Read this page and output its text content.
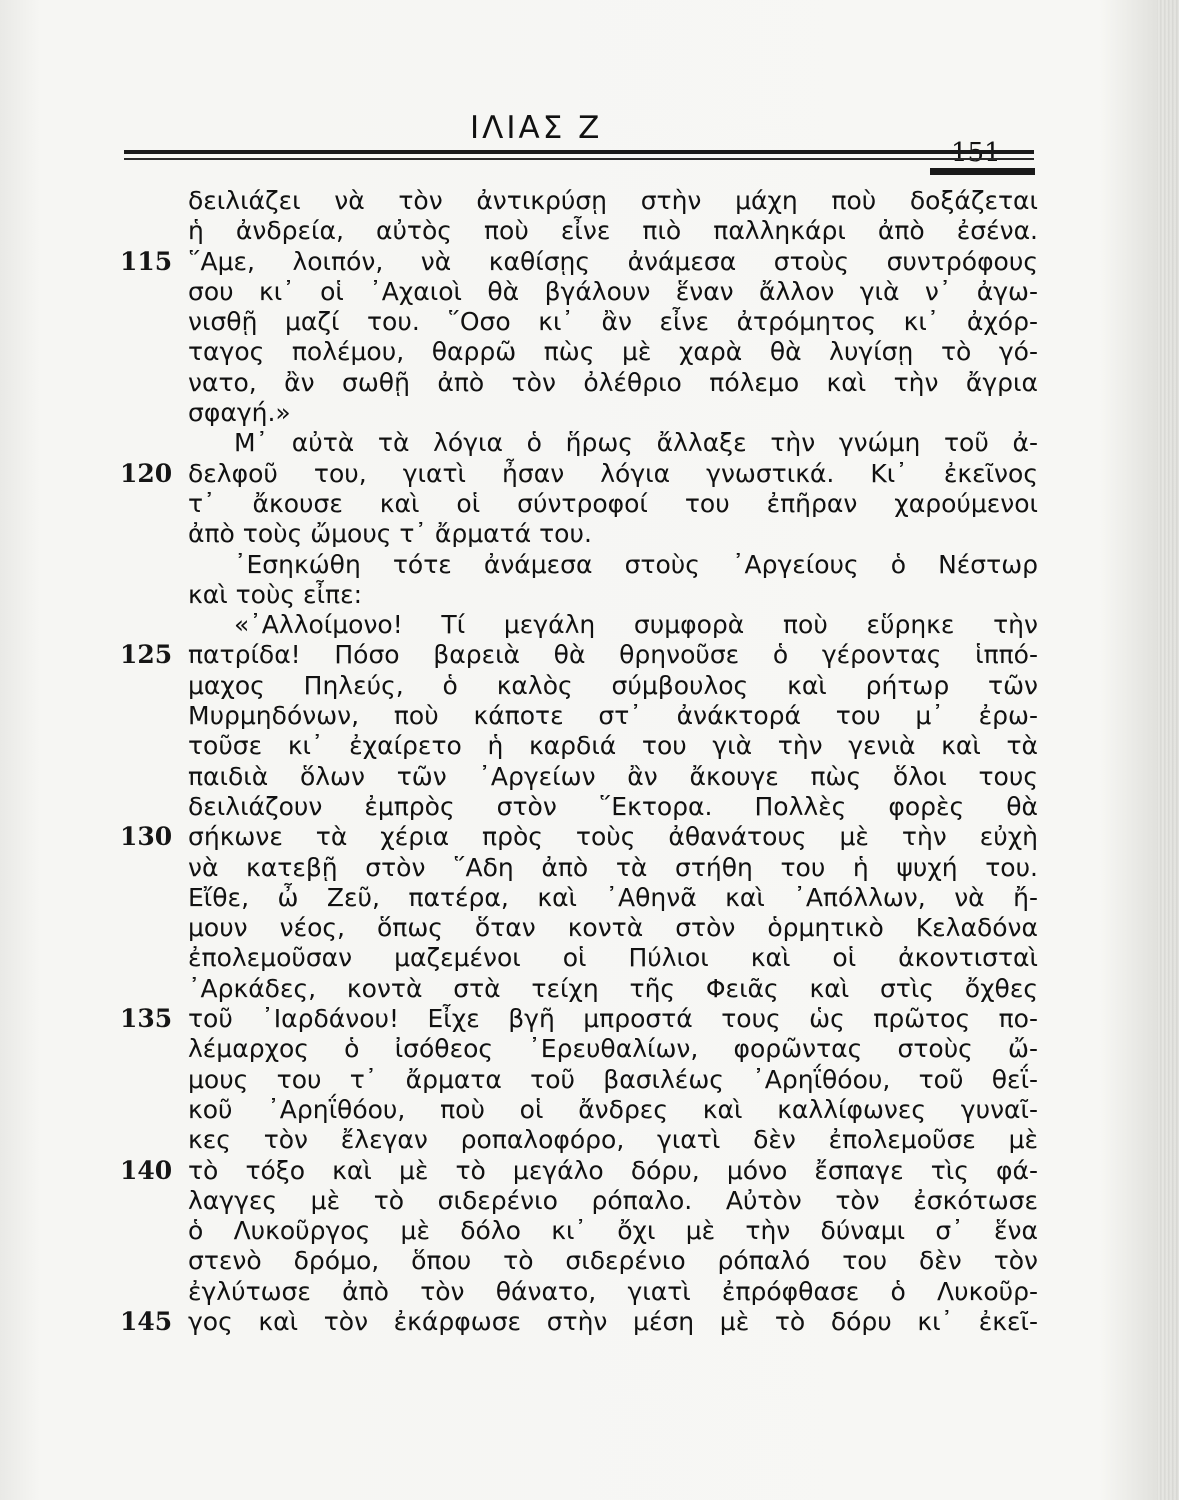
ΙΛΙΑΣ Ζ
δειλιάζει νὰ τὸν ἀντικρύσῃ στὴν μάχη ποὺ δοξάζεται
ἡ ἀνδρεία, αὐτὸς ποὺ εἶνε πιὸ παλληκάρι ἀπὸ ἐσένα.
115 ῞Αμε, λοιπόν, νὰ καθίσῃς ἀνάμεσα στοὺς συντρόφους
σου κι᾽ οἱ ᾽Αχαιοὶ θὰ βγάλουν ἕναν ἄλλον γιὰ ν᾽ ἀγω-
νισθῇ μαζί του. ῞Οσο κι᾽ ἂν εἶνε ἀτρόμητος κι᾽ ἀχόρ-
ταγος πολέμου, θαρρῶ πὼς μὲ χαρὰ θὰ λυγίσῃ τὸ γό-
νατο, ἂν σωθῇ ἀπὸ τὸν ὀλέθριο πόλεμο καὶ τὴν ἄγρια
σφαγή.»
Μ᾽ αὐτὰ τὰ λόγια ὁ ἥρως ἄλλαξε τὴν γνώμη τοῦ ἀ-
120 δελφοῦ του, γιατὶ ἦσαν λόγια γνωστικά. Κι᾽ ἐκεῖνος
τ᾽ ἄκουσε καὶ οἱ σύντροφοί του ἐπῆραν χαρούμενοι
ἀπὸ τοὺς ὤμους τ᾽ ἄρματά του.
᾽Εσηκώθη τότε ἀνάμεσα στοὺς ᾽Αργείους ὁ Νέστωρ
καὶ τοὺς εἶπε:
«᾽Αλλοίμονο! Τί μεγάλη συμφορὰ ποὺ εὕρηκε τὴν
125 πατρίδα! Πόσο βαρειὰ θὰ θρηνοῦσε ὁ γέροντας ἱππό-
μαχος Πηλεύς, ὁ καλὸς σύμβουλος καὶ ρήτωρ τῶν
Μυρμηδόνων, ποὺ κάποτε στ᾽ ἀνάκτορά του μ᾽ ἐρω-
τοῦσε κι᾽ ἐχαίρετο ἡ καρδιά του γιὰ τὴν γενιὰ καὶ τὰ
παιδιὰ ὅλων τῶν ᾽Αργείων ἂν ἄκουγε πὼς ὅλοι τους
δειλιάζουν ἐμπρὸς στὸν ῞Εκτορα. Πολλὲς φορὲς θὰ
130 σήκωνε τὰ χέρια πρὸς τοὺς ἀθανάτους μὲ τὴν εὐχὴ
νὰ κατεβῇ στὸν ῞Αδη ἀπὸ τὰ στήθη του ἡ ψυχή του.
Εἴθε, ὦ Ζεῦ, πατέρα, καὶ ᾽Αθηνᾶ καὶ ᾽Απόλλων, νὰ ἤ-
μουν νέος, ὅπως ὅταν κοντὰ στὸν ὁρμητικὸ Κελαδόνα
ἐπολεμοῦσαν μαζεμένοι οἱ Πύλιοι καὶ οἱ ἀκοντισταὶ
᾽Αρκάδες, κοντὰ στὰ τείχη τῆς Φειᾶς καὶ στὶς ὄχθες
135 τοῦ ᾽Ιαρδάνου! Εἶχε βγῆ μπροστά τους ὡς πρῶτος πο-
λέμαρχος ὁ ἰσόθεος ᾽Ερευθαλίων, φορῶντας στοὺς ὤ-
μους του τ᾽ ἄρματα τοῦ βασιλέως ᾽Αρηΐθόου, τοῦ θεΐ-
κοῦ ᾽Αρηΐθόου, ποὺ οἱ ἄνδρες καὶ καλλίφωνες γυναῖ-
κες τὸν ἔλεγαν ροπαλοφόρο, γιατὶ δὲν ἐπολεμοῦσε μὲ
140 τὸ τόξο καὶ μὲ τὸ μεγάλο δόρυ, μόνο ἔσπαγε τὶς φά-
λαγγες μὲ τὸ σιδερένιο ρόπαλο. Αὐτὸν τὸν ἐσκότωσε
ὁ Λυκοῦργος μὲ δόλο κι᾽ ὄχι μὲ τὴν δύναμι σ᾽ ἕνα
στενὸ δρόμο, ὅπου τὸ σιδερένιο ρόπαλό του δὲν τὸν
ἐγλύτωσε ἀπὸ τὸν θάνατο, γιατὶ ἐπρόφθασε ὁ Λυκοῦρ-
145 γος καὶ τὸν ἐκάρφωσε στὴν μέση μὲ τὸ δόρυ κι᾽ ἐκεῖ-
